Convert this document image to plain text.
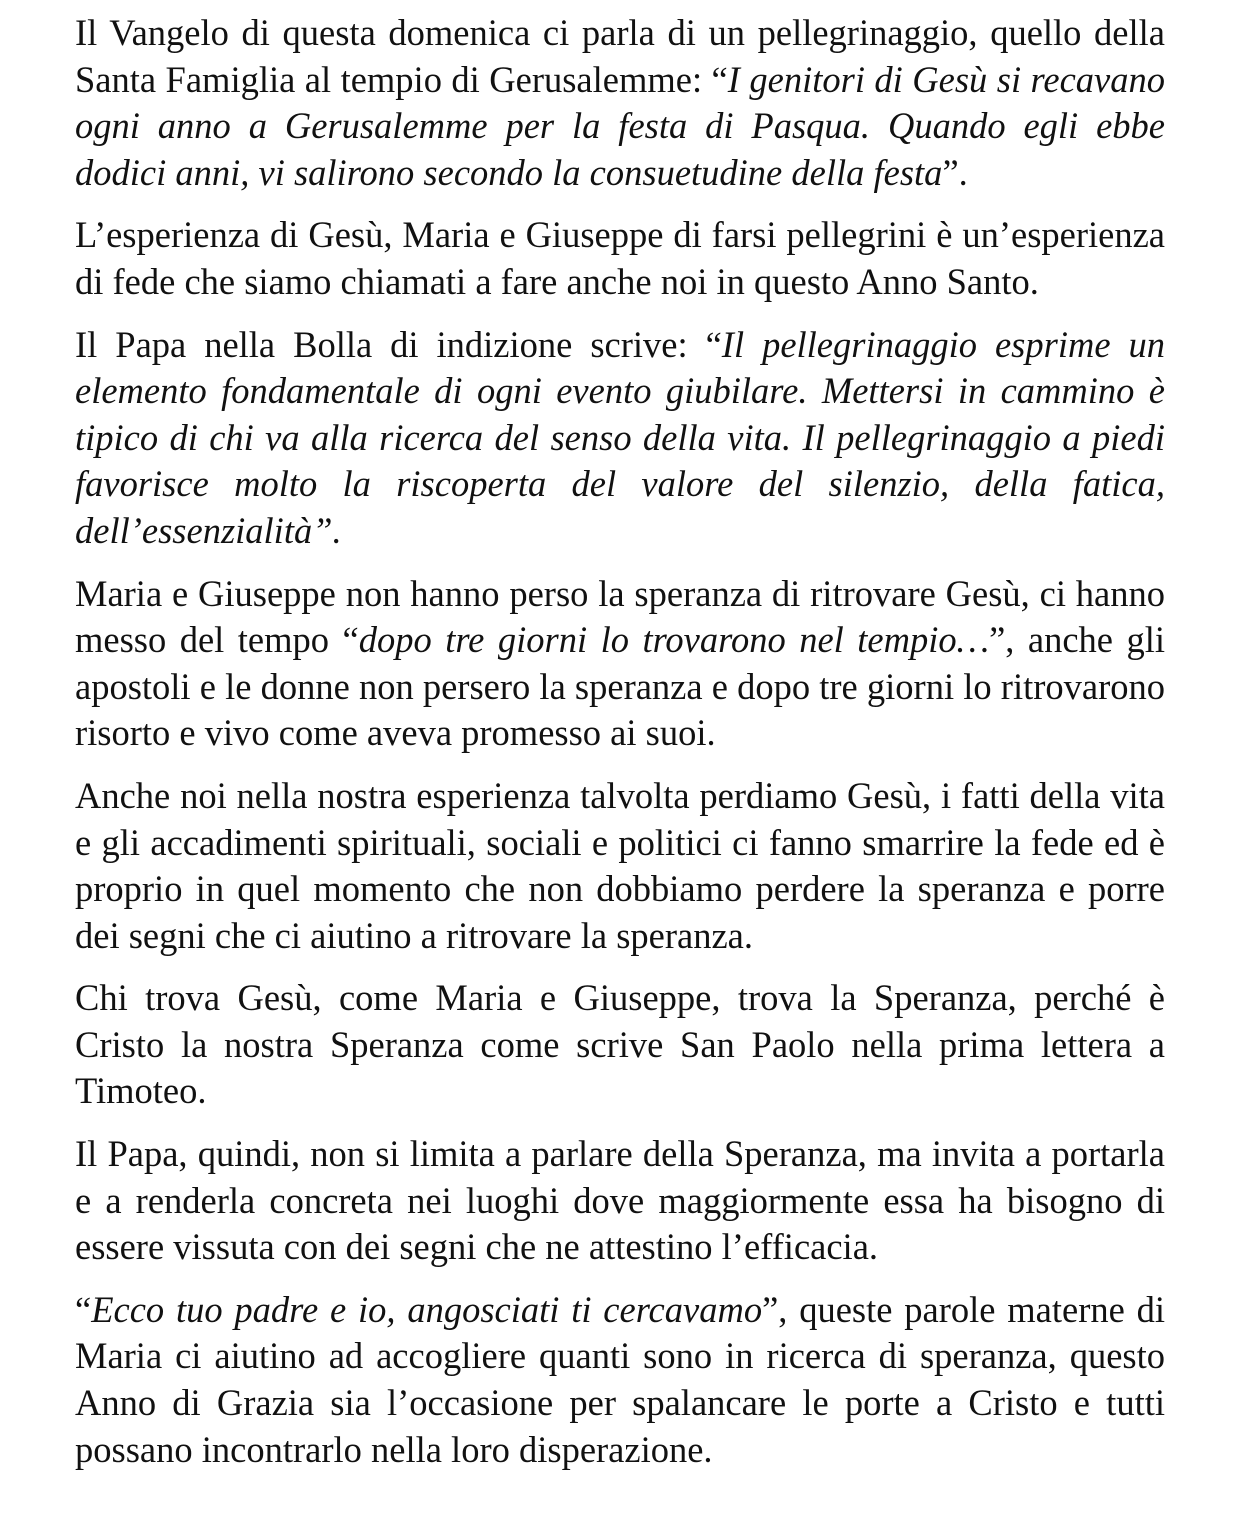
Il Vangelo di questa domenica ci parla di un pellegrinaggio, quello della Santa Famiglia al tempio di Gerusalemme: “I genitori di Gesù si recavano ogni anno a Gerusalemme per la festa di Pasqua. Quando egli ebbe dodici anni, vi salirono secondo la consuetudine della festa”.

L’esperienza di Gesù, Maria e Giuseppe di farsi pellegrini è un’esperienza di fede che siamo chiamati a fare anche noi in questo Anno Santo.

Il Papa nella Bolla di indizione scrive: “Il pellegrinaggio esprime un elemento fondamentale di ogni evento giubilare. Mettersi in cammino è tipico di chi va alla ricerca del senso della vita. Il pellegrinaggio a piedi favorisce molto la riscoperta del valore del silenzio, della fatica, dell’essenzialità”.

Maria e Giuseppe non hanno perso la speranza di ritrovare Gesù, ci hanno messo del tempo “dopo tre giorni lo trovarono nel tempio…”, anche gli apostoli e le donne non persero la speranza e dopo tre giorni lo ritrovarono risorto e vivo come aveva promesso ai suoi.

Anche noi nella nostra esperienza talvolta perdiamo Gesù, i fatti della vita e gli accadimenti spirituali, sociali e politici ci fanno smarrire la fede ed è proprio in quel momento che non dobbiamo perdere la speranza e porre dei segni che ci aiutino a ritrovare la speranza.

Chi trova Gesù, come Maria e Giuseppe, trova la Speranza, perché è Cristo la nostra Speranza come scrive San Paolo nella prima lettera a Timoteo.

Il Papa, quindi, non si limita a parlare della Speranza, ma invita a portarla e a renderla concreta nei luoghi dove maggiormente essa ha bisogno di essere vissuta con dei segni che ne attestino l’efficacia.

“Ecco tuo padre e io, angosciati ti cercavamo”, queste parole materne di Maria ci aiutino ad accogliere quanti sono in ricerca di speranza, questo Anno di Grazia sia l’occasione per spalancare le porte a Cristo e tutti possano incontrarlo nella loro disperazione.
